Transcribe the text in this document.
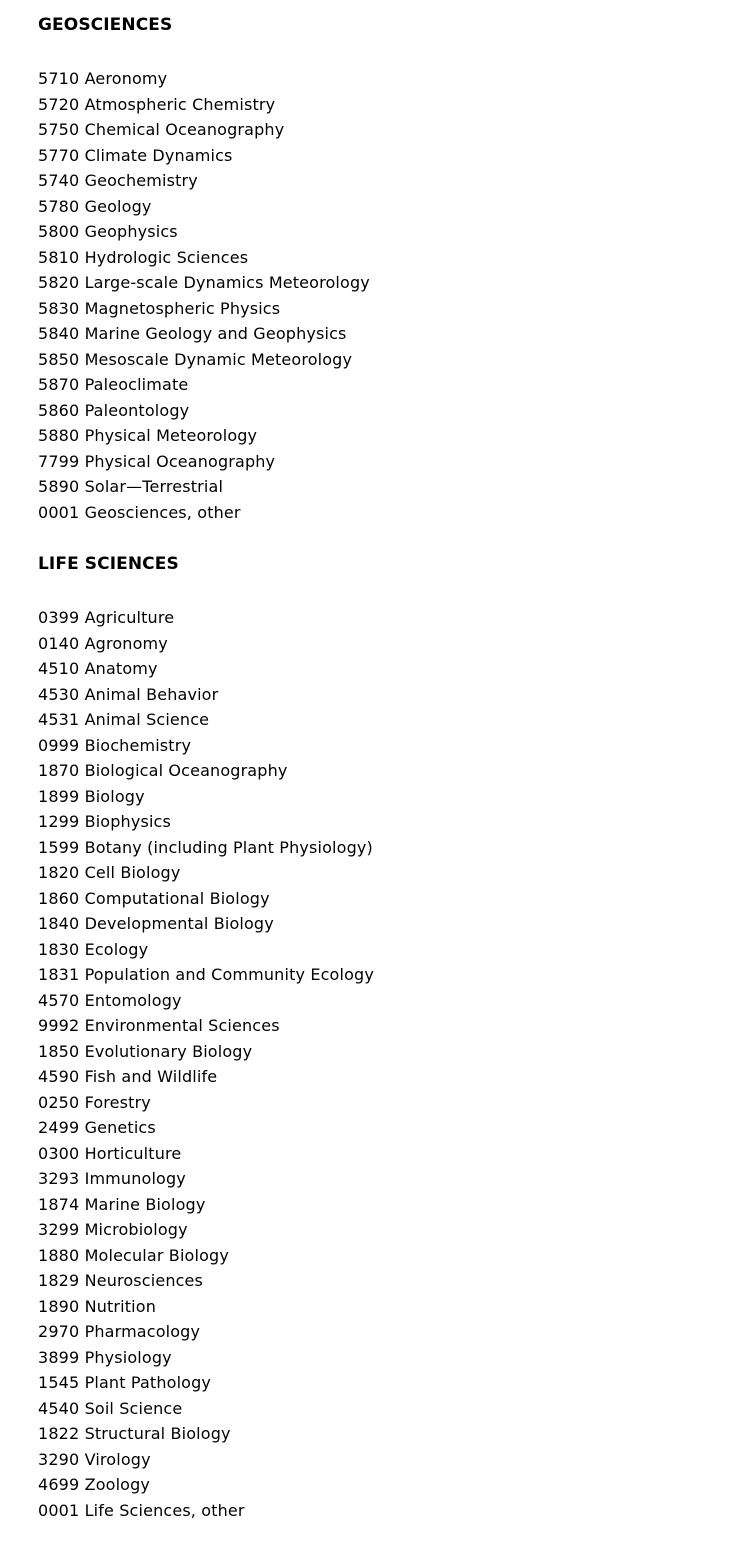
GEOSCIENCES
5710 Aeronomy
5720 Atmospheric Chemistry
5750 Chemical Oceanography
5770 Climate Dynamics
5740 Geochemistry
5780 Geology
5800 Geophysics
5810 Hydrologic Sciences
5820 Large-scale Dynamics Meteorology
5830 Magnetospheric Physics
5840 Marine Geology and Geophysics
5850 Mesoscale Dynamic Meteorology
5870 Paleoclimate
5860 Paleontology
5880 Physical Meteorology
7799 Physical Oceanography
5890 Solar—Terrestrial
0001 Geosciences, other
LIFE SCIENCES
0399 Agriculture
0140 Agronomy
4510 Anatomy
4530 Animal Behavior
4531 Animal Science
0999 Biochemistry
1870 Biological Oceanography
1899 Biology
1299 Biophysics
1599 Botany (including Plant Physiology)
1820 Cell Biology
1860 Computational Biology
1840 Developmental Biology
1830 Ecology
1831 Population and Community Ecology
4570 Entomology
9992 Environmental Sciences
1850 Evolutionary Biology
4590 Fish and Wildlife
0250 Forestry
2499 Genetics
0300 Horticulture
3293 Immunology
1874 Marine Biology
3299 Microbiology
1880 Molecular Biology
1829 Neurosciences
1890 Nutrition
2970 Pharmacology
3899 Physiology
1545 Plant Pathology
4540 Soil Science
1822 Structural Biology
3290 Virology
4699 Zoology
0001 Life Sciences, other
